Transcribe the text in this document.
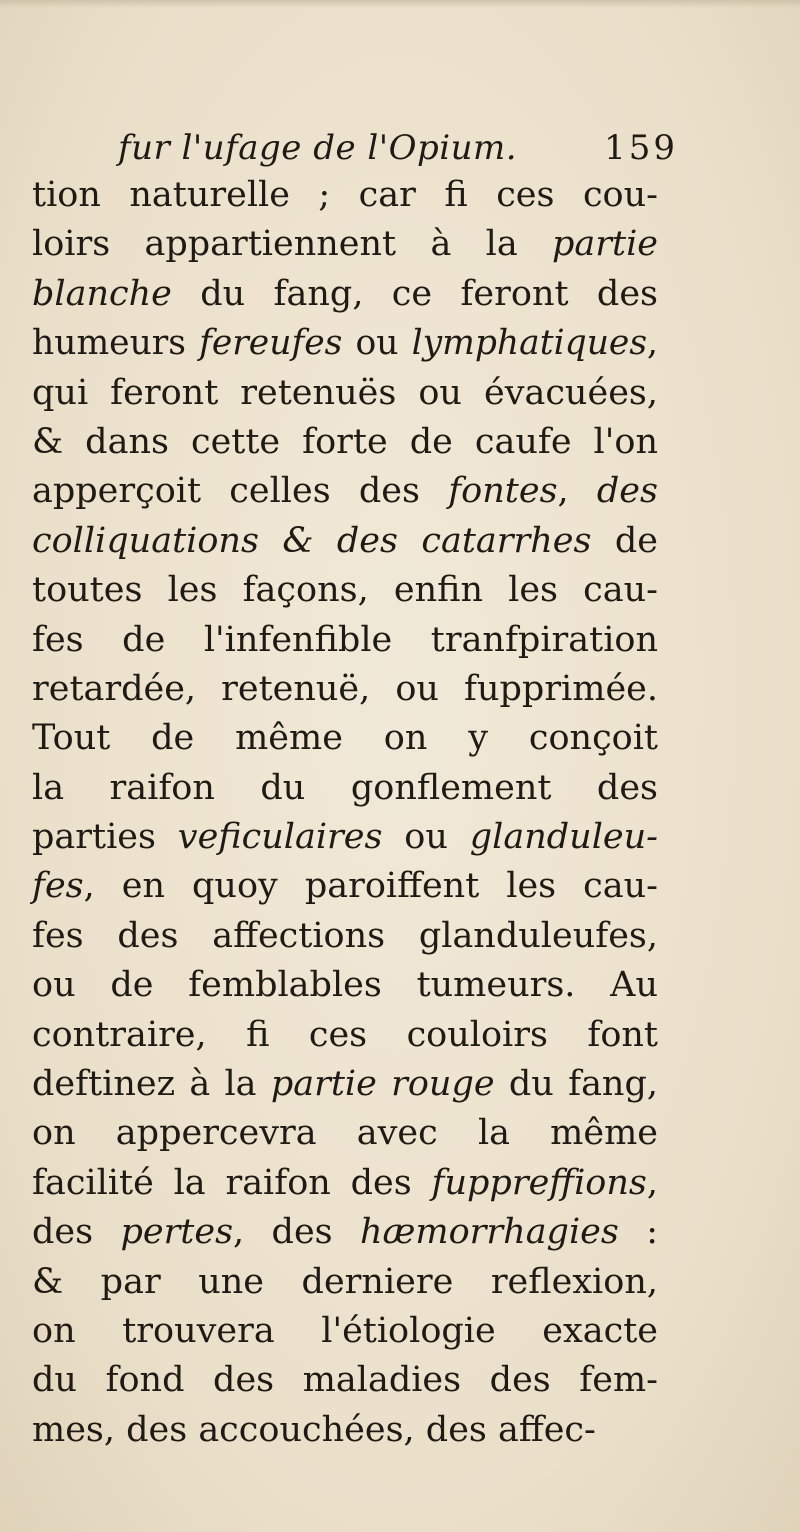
fur l'ufage de l'Opium.	159
tion naturelle ; car fi ces cou-
loirs appartiennent à la partie
blanche du fang, ce feront des
humeurs fereufes ou lymphatiques,
qui feront retenuës ou évacuées,
& dans cette forte de caufe l'on
apperçoit celles des fontes, des
colliquations & des catarrhes de
toutes les façons, enfin les cau-
fes de l'infenfible tranfpiration
retardée, retenuë, ou fupprimée.
Tout de même on y conçoit
la raifon du gonflement des
parties veficulaires ou glanduleu-
fes, en quoy paroiffent les cau-
fes des affections glanduleufes,
ou de femblables tumeurs. Au
contraire, fi ces couloirs font
deftinez à la partie rouge du fang,
on appercevra avec la même
facilité la raifon des fuppreffions,
des pertes, des hæmorrhagies :
& par une derniere reflexion,
on trouvera l'étiologie exacte
du fond des maladies des fem-
mes, des accouchées, des affec-
